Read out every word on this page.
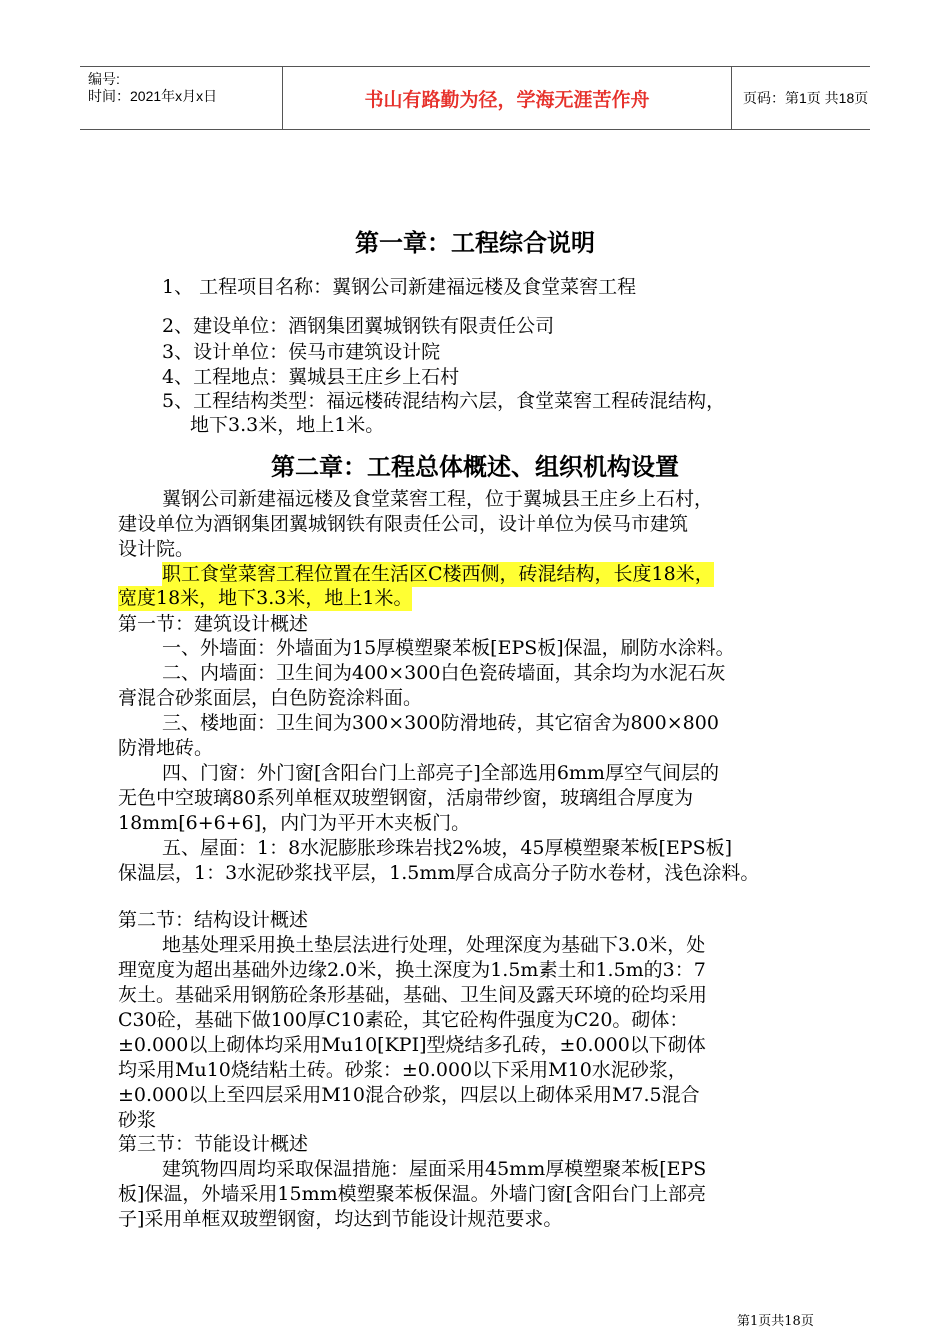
编号:
时间：2021年x月x日	书山有路勤为径，学海无涯苦作舟	页码：第1页 共18页
第一章：工程综合说明
1、 工程项目名称：翼钢公司新建福远楼及食堂菜窖工程
2、建设单位：酒钢集团翼城钢铁有限责任公司
3、设计单位：侯马市建筑设计院
4、工程地点：翼城县王庄乡上石村
5、工程结构类型：福远楼砖混结构六层，食堂菜窖工程砖混结构，
地下3.3米，地上1米。
第二章：工程总体概述、组织机构设置
翼钢公司新建福远楼及食堂菜窖工程，位于翼城县王庄乡上石村，
建设单位为酒钢集团翼城钢铁有限责任公司，设计单位为侯马市建筑
设计院。
职工食堂菜窖工程位置在生活区C楼西侧，砖混结构，长度18米，
宽度18米，地下3.3米，地上1米。
第一节：建筑设计概述
一、外墙面：外墙面为15厚模塑聚苯板[EPS板]保温，刷防水涂料。
二、内墙面：卫生间为400×300白色瓷砖墙面，其余均为水泥石灰
膏混合砂浆面层，白色防瓷涂料面。
三、楼地面：卫生间为300×300防滑地砖，其它宿舍为800×800
防滑地砖。
四、门窗：外门窗[含阳台门上部亮子]全部选用6mm厚空气间层的
无色中空玻璃80系列单框双玻塑钢窗，活扇带纱窗，玻璃组合厚度为
18mm[6+6+6]，内门为平开木夹板门。
五、屋面：1：8水泥膨胀珍珠岩找2%坡，45厚模塑聚苯板[EPS板]
保温层，1：3水泥砂浆找平层，1.5mm厚合成高分子防水卷材，浅色涂料。
第二节：结构设计概述
地基处理采用换土垫层法进行处理，处理深度为基础下3.0米，处
理宽度为超出基础外边缘2.0米，换土深度为1.5m素土和1.5m的3：7
灰土。基础采用钢筋砼条形基础，基础、卫生间及露天环境的砼均采用
C30砼，基础下做100厚C10素砼，其它砼构件强度为C20。砌体：
±0.000以上砌体均采用Mu10[KPI]型烧结多孔砖，±0.000以下砌体
均采用Mu10烧结粘土砖。砂浆：±0.000以下采用M10水泥砂浆，
±0.000以上至四层采用M10混合砂浆，四层以上砌体采用M7.5混合
砂浆
第三节：节能设计概述
建筑物四周均采取保温措施：屋面采用45mm厚模塑聚苯板[EPS
板]保温，外墙采用15mm模塑聚苯板保温。外墙门窗[含阳台门上部亮
子]采用单框双玻塑钢窗，均达到节能设计规范要求。
第1页共18页
